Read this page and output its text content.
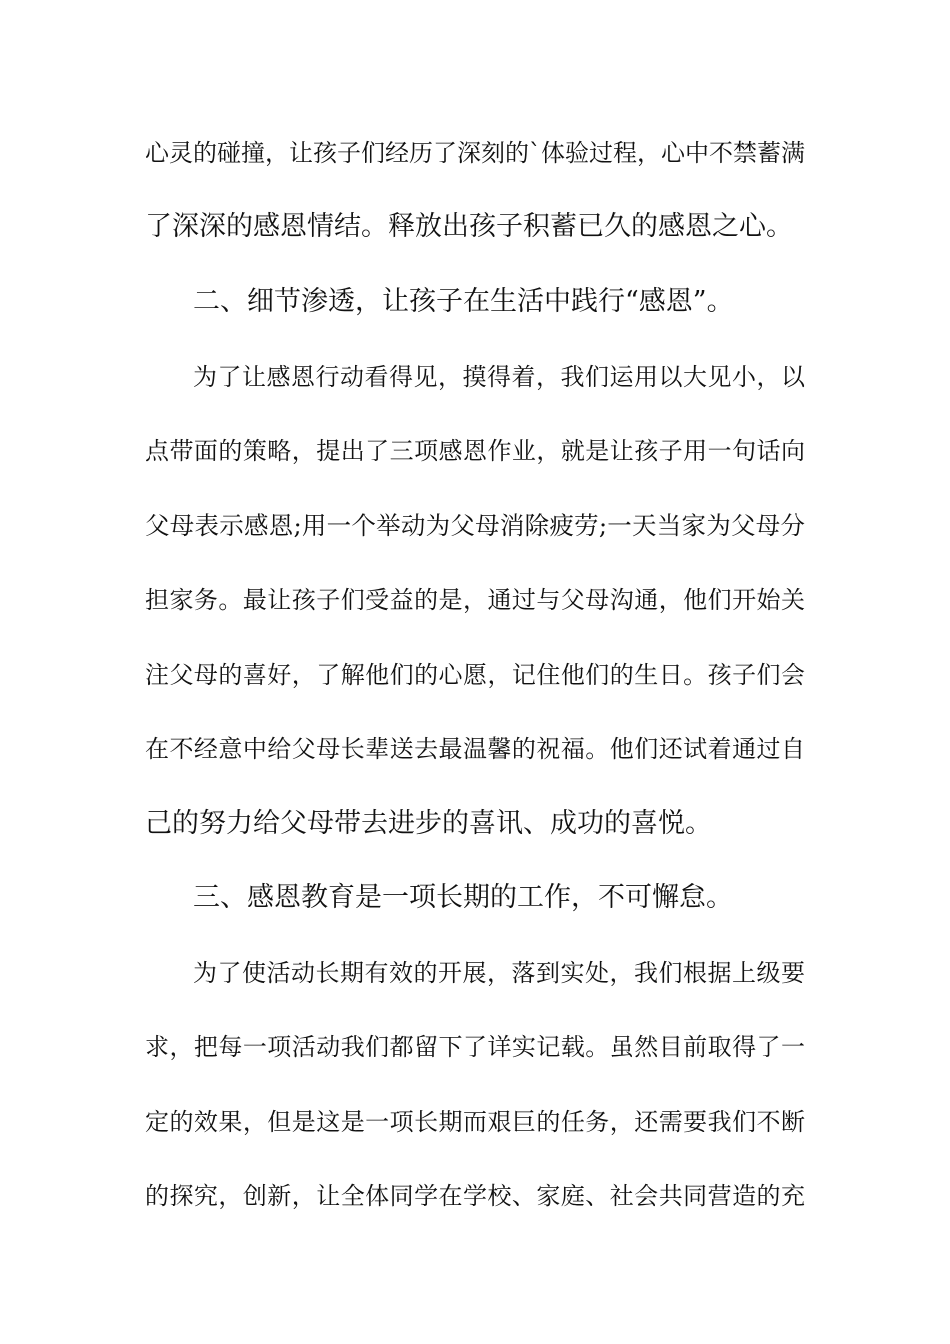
心灵的碰撞，让孩子们经历了深刻的`体验过程，心中不禁蓄满
了深深的感恩情结。释放出孩子积蓄已久的感恩之心。
二、细节渗透，让孩子在生活中践行“感恩”。
为了让感恩行动看得见，摸得着，我们运用以大见小，以
点带面的策略，提出了三项感恩作业，就是让孩子用一句话向
父母表示感恩;用一个举动为父母消除疲劳;一天当家为父母分
担家务。最让孩子们受益的是，通过与父母沟通，他们开始关
注父母的喜好，了解他们的心愿，记住他们的生日。孩子们会
在不经意中给父母长辈送去最温馨的祝福。他们还试着通过自
己的努力给父母带去进步的喜讯、成功的喜悦。
三、感恩教育是一项长期的工作，不可懈怠。
为了使活动长期有效的开展，落到实处，我们根据上级要
求，把每一项活动我们都留下了详实记载。虽然目前取得了一
定的效果，但是这是一项长期而艰巨的任务，还需要我们不断
的探究，创新，让全体同学在学校、家庭、社会共同营造的充
